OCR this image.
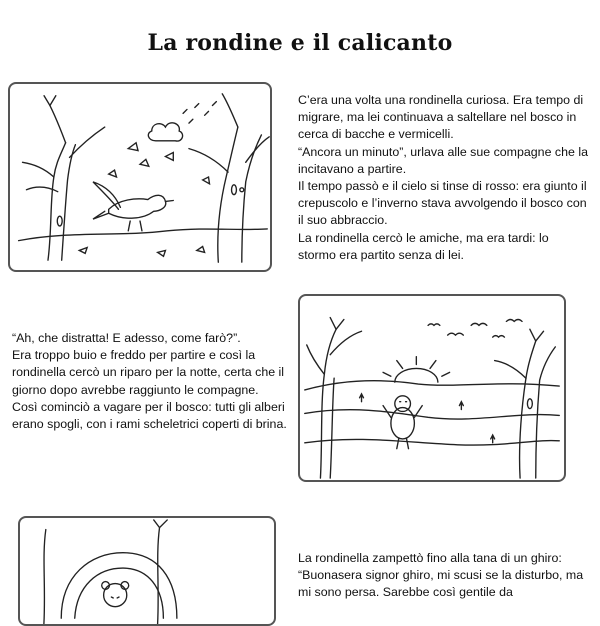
La rondine e il calicanto

C’era una volta una rondinella curiosa. Era tempo di migrare, ma lei continuava a saltellare nel bosco in cerca di bacche e vermicelli.

“Ancora un minuto”, urlava alle sue compagne che la incitavano a partire.

Il tempo passò e il cielo si tinse di rosso: era giunto il crepuscolo e l’inverno stava avvolgendo il bosco con il suo abbraccio.

La rondinella cercò le amiche, ma era tardi: lo stormo era partito senza di lei.

“Ah, che distratta! E adesso, come farò?”.

Era troppo buio e freddo per partire e così la rondinella cercò un riparo per la notte, certa che il giorno dopo avrebbe raggiunto le compagne.

Così cominciò a vagare per il bosco: tutti gli alberi erano spogli, con i rami scheletrici coperti di brina.

La rondinella zampettò fino alla tana di un ghiro:

“Buonasera signor ghiro, mi scusi se la disturbo, ma mi sono persa. Sarebbe così gentile da
